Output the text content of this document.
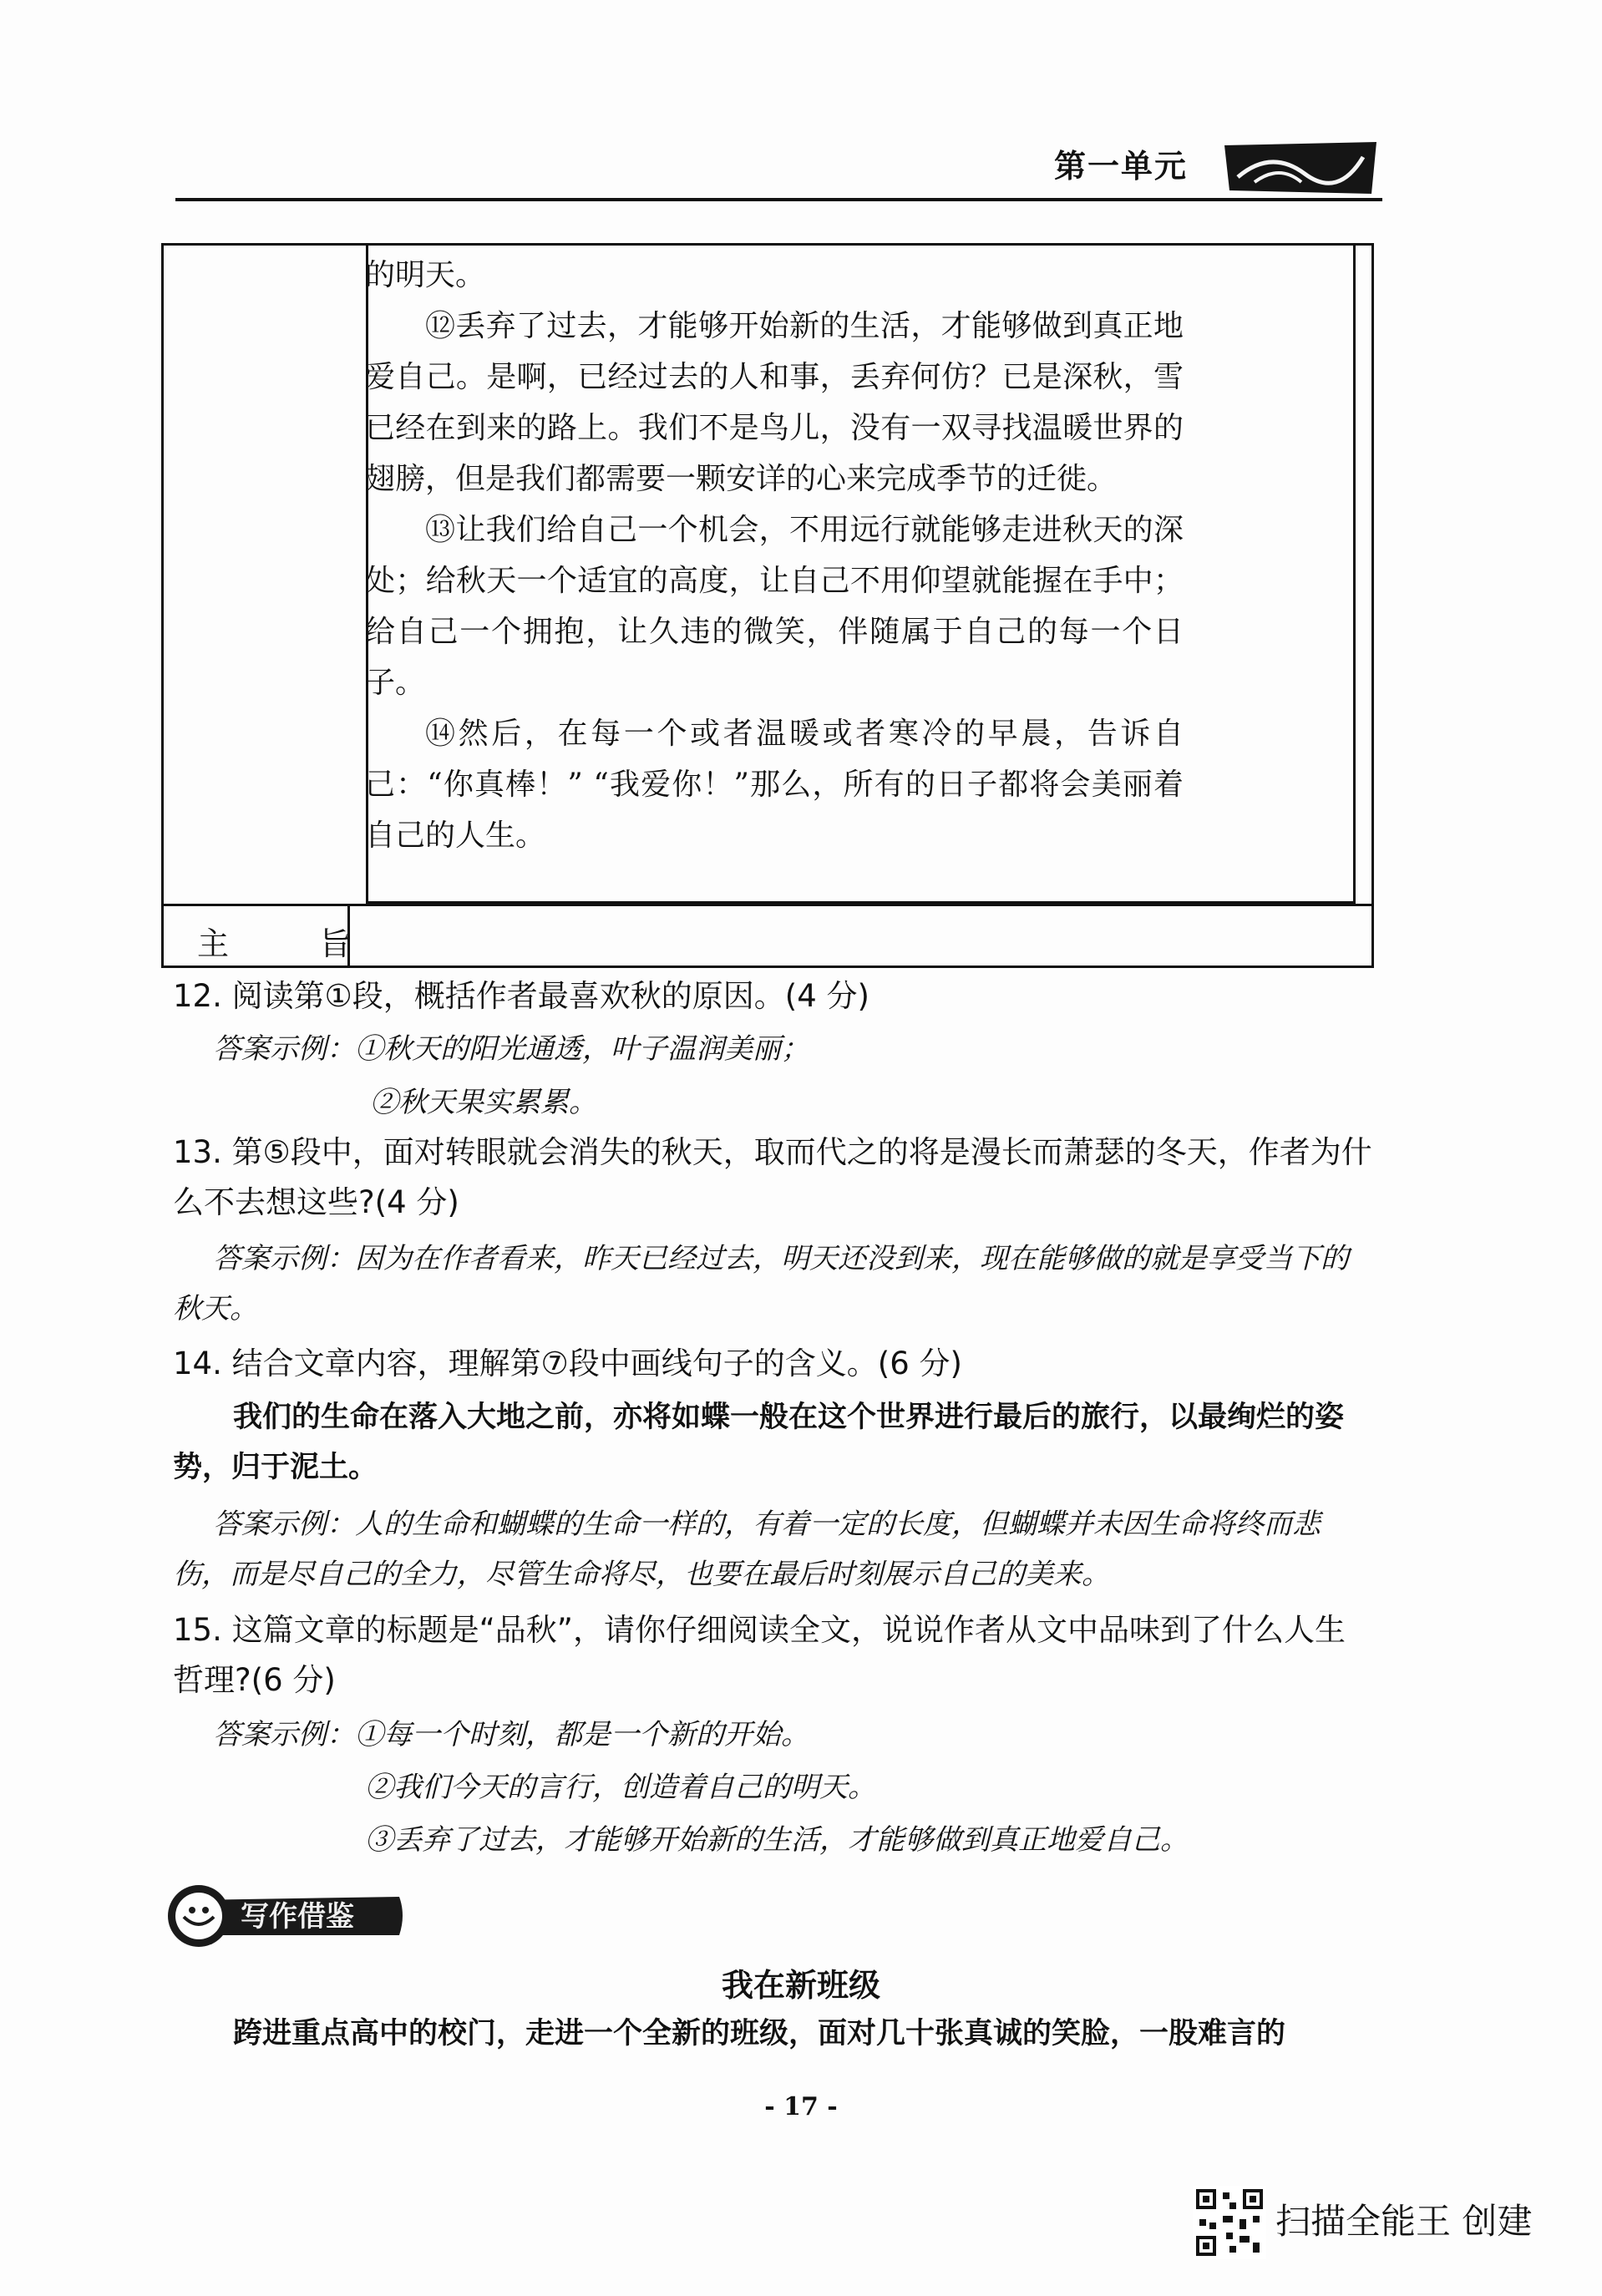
第一单元

的明天。

⑫丢弃了过去，才能够开始新的生活，才能够做到真正地爱自己。是啊，已经过去的人和事，丢弃何仿？已是深秋，雪已经在到来的路上。我们不是鸟儿，没有一双寻找温暖世界的翅膀，但是我们都需要一颗安详的心来完成季节的迁徙。

⑬让我们给自己一个机会，不用远行就能够走进秋天的深处；给秋天一个适宜的高度，让自己不用仰望就能握在手中；给自己一个拥抱，让久违的微笑，伴随属于自己的每一个日子。

⑭然后，在每一个或者温暖或者寒冷的早晨，告诉自己：“你真棒！” “我爱你！”那么，所有的日子都将会美丽着自己的人生。

主 旨
12. 阅读第①段，概括作者最喜欢秋的原因。(4 分)
答案示例：①秋天的阳光通透，叶子温润美丽；
②秋天果实累累。
13. 第⑤段中，面对转眼就会消失的秋天，取而代之的将是漫长而萧瑟的冬天，作者为什么不去想这些?(4 分)
答案示例：因为在作者看来，昨天已经过去，明天还没到来，现在能够做的就是享受当下的秋天。
14. 结合文章内容，理解第⑦段中画线句子的含义。(6 分)
我们的生命在落入大地之前，亦将如蝶一般在这个世界进行最后的旅行，以最绚烂的姿势，归于泥土。
答案示例：人的生命和蝴蝶的生命一样的，有着一定的长度，但蝴蝶并未因生命将终而悲伤，而是尽自己的全力，尽管生命将尽，也要在最后时刻展示自己的美来。
15. 这篇文章的标题是“品秋”，请你仔细阅读全文，说说作者从文中品味到了什么人生哲理?(6 分)
答案示例：①每一个时刻，都是一个新的开始。
②我们今天的言行，创造着自己的明天。
③丢弃了过去，才能够开始新的生活，才能够做到真正地爱自己。
写作借鉴
我在新班级
跨进重点高中的校门，走进一个全新的班级，面对几十张真诚的笑脸，一股难言的
- 17 -
扫描全能王 创建
